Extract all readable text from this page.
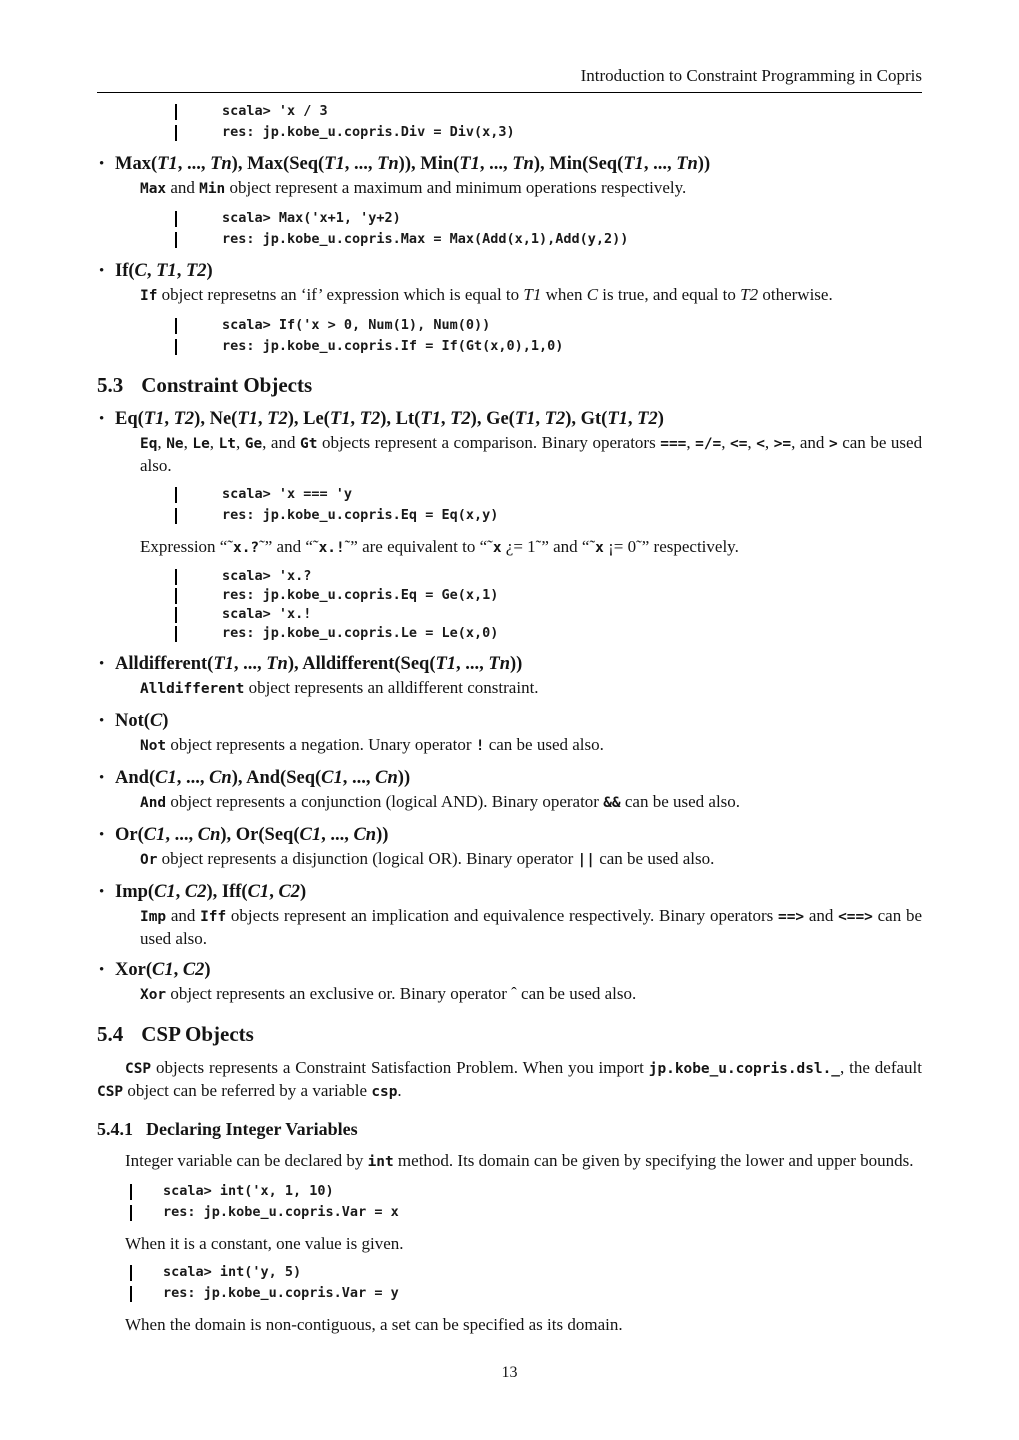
Introduction to Constraint Programming in Copris
scala> 'x / 3
res: jp.kobe_u.copris.Div = Div(x,3)
• Max(T1, ..., Tn), Max(Seq(T1, ..., Tn)), Min(T1, ..., Tn), Min(Seq(T1, ..., Tn))
Max and Min object represent a maximum and minimum operations respectively.
scala> Max('x+1, 'y+2)
res: jp.kobe_u.copris.Max = Max(Add(x,1),Add(y,2))
• If(C, T1, T2)
If object represetns an ‘if’ expression which is equal to T1 when C is true, and equal to T2 otherwise.
scala> If('x > 0, Num(1), Num(0))
res: jp.kobe_u.copris.If = If(Gt(x,0),1,0)
5.3 Constraint Objects
• Eq(T1, T2), Ne(T1, T2), Le(T1, T2), Lt(T1, T2), Ge(T1, T2), Gt(T1, T2)
Eq, Ne, Le, Lt, Ge, and Gt objects represent a comparison. Binary operators ===, =/=, <=, <, >=, and > can be used also.
scala> 'x === 'y
res: jp.kobe_u.copris.Eq = Eq(x,y)
Expression “˜x.?˜” and “˜x.!˜” are equivalent to “˜x ¿= 1˜” and “˜x ¡= 0˜” respectively.
scala> 'x.?
res: jp.kobe_u.copris.Eq = Ge(x,1)
scala> 'x.!
res: jp.kobe_u.copris.Le = Le(x,0)
• Alldifferent(T1, ..., Tn), Alldifferent(Seq(T1, ..., Tn))
Alldifferent object represents an alldifferent constraint.
• Not(C)
Not object represents a negation. Unary operator ! can be used also.
• And(C1, ..., Cn), And(Seq(C1, ..., Cn))
And object represents a conjunction (logical AND). Binary operator && can be used also.
• Or(C1, ..., Cn), Or(Seq(C1, ..., Cn))
Or object represents a disjunction (logical OR). Binary operator || can be used also.
• Imp(C1, C2), Iff(C1, C2)
Imp and Iff objects represent an implication and equivalence respectively. Binary operators ==> and <==> can be used also.
• Xor(C1, C2)
Xor object represents an exclusive or. Binary operator ˆ can be used also.
5.4 CSP Objects
CSP objects represents a Constraint Satisfaction Problem. When you import jp.kobe_u.copris.dsl._, the default CSP object can be referred by a variable csp.
5.4.1 Declaring Integer Variables
Integer variable can be declared by int method. Its domain can be given by specifying the lower and upper bounds.
scala> int('x, 1, 10)
res: jp.kobe_u.copris.Var = x
When it is a constant, one value is given.
scala> int('y, 5)
res: jp.kobe_u.copris.Var = y
When the domain is non-contiguous, a set can be specified as its domain.
13
